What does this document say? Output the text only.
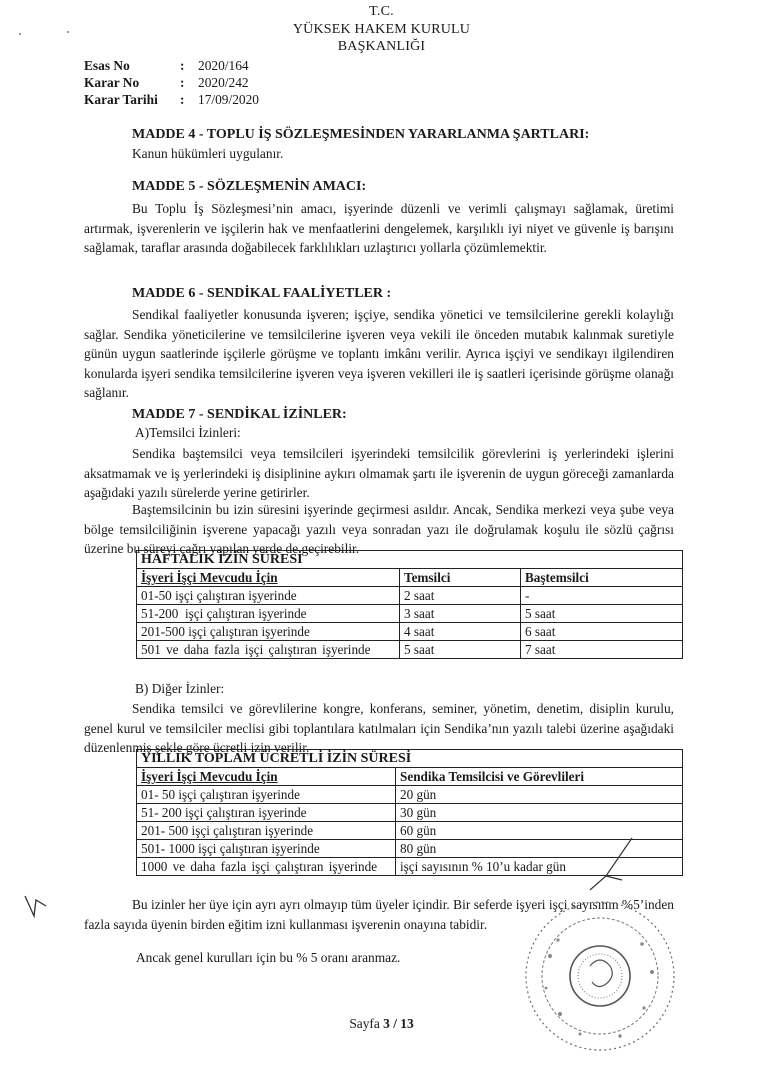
T.C.
YÜKSEK HAKEM KURULU
BAŞKANLIĞI
Esas No	: 2020/164
Karar No	: 2020/242
Karar Tarihi : 17/09/2020
MADDE 4 - TOPLU İŞ SÖZLEŞMESİNDEN YARARLANMA ŞARTLARI:
Kanun hükümleri uygulanır.
MADDE 5 - SÖZLEŞMENİN AMACI:

Bu Toplu İş Sözleşmesi’nin amacı, işyerinde düzenli ve verimli çalışmayı sağlamak, üretimi artırmak, işverenlerin ve işçilerin hak ve menfaatlerini dengelemek, karşılıklı iyi niyet ve güvenle iş barışını sağlamak, taraflar arasında doğabilecek farklılıkları uzlaştırıcı yollarla çözümlemektir.

MADDE 6 - SENDİKAL FAALİYETLER :

Sendikal faaliyetler konusunda işveren; işçiye, sendika yönetici ve temsilcilerine gerekli kolaylığı sağlar. Sendika yöneticilerine ve temsilcilerine işveren veya vekili ile önceden mutabık kalınmak suretiyle günün uygun saatlerinde işçilerle görüşme ve toplantı imkânı verilir. Ayrıca işçiyi ve sendikayı ilgilendiren konularda işyeri sendika temsilcilerine işveren veya işveren vekilleri ile iş saatleri içerisinde görüşme olanağı sağlanır.

MADDE 7 - SENDİKAL İZİNLER:
A)Temsilci İzinleri:

Sendika baştemsilci veya temsilcileri işyerindeki temsilcilik görevlerini iş yerlerindeki işlerini aksatmamak ve iş yerlerindeki iş disiplinine aykırı olmamak şartı ile işverenin de uygun göreceği zamanlarda aşağıdaki yazılı sürelerde yerine getirirler.

Baştemsilcinin bu izin süresini işyerinde geçirmesi asıldır. Ancak, Sendika merkezi veya şube veya bölge temsilciliğinin işverene yapacağı yazılı veya sonradan yazı ile doğrulamak koşulu ile sözlü çağrısı üzerine bu süreyi çağrı yapılan yerde de geçirebilir.

HAFTALIK İZİN SÜRESİ		
İşyeri İşçi Mevcudu İçin	Temsilci	Baştemsilci
01-50 işçi çalıştıran işyerinde	2 saat	-
51-200  işçi çalıştıran işyerinde	3 saat	5 saat
201-500 işçi çalıştıran işyerinde	4 saat	6 saat
501 ve daha fazla işçi çalıştıran işyerinde	5 saat	7 saat
B) Diğer İzinler:

Sendika temsilci ve görevlilerine kongre, konferans, seminer, yönetim, denetim, disiplin kurulu, genel kurul ve temsilciler meclisi gibi toplantılara katılmaları için Sendika’nın yazılı talebi üzerine aşağıdaki düzenlenmiş şekle göre ücretli izin verilir.

YILLIK TOPLAM ÜCRETLİ İZİN SÜRESİ	
İşyeri İşçi Mevcudu İçin	Sendika Temsilcisi ve Görevlileri
01- 50 işçi çalıştıran işyerinde	20 gün
51- 200 işçi çalıştıran işyerinde	30 gün
201- 500 işçi çalıştıran işyerinde	60 gün
501- 1000 işçi çalıştıran işyerinde	80 gün
1000 ve daha fazla işçi çalıştıran işyerinde	işçi sayısının % 10’u kadar gün

Bu izinler her üye için ayrı ayrı olmayıp tüm üyeler içindir. Bir seferde işyeri işçi sayısının %5’inden fazla sayıda üyenin birden eğitim izni kullanması işverenin onayına tabidir.

Ancak genel kurulları için bu % 5 oranı aranmaz.
Sayfa 3 / 13
